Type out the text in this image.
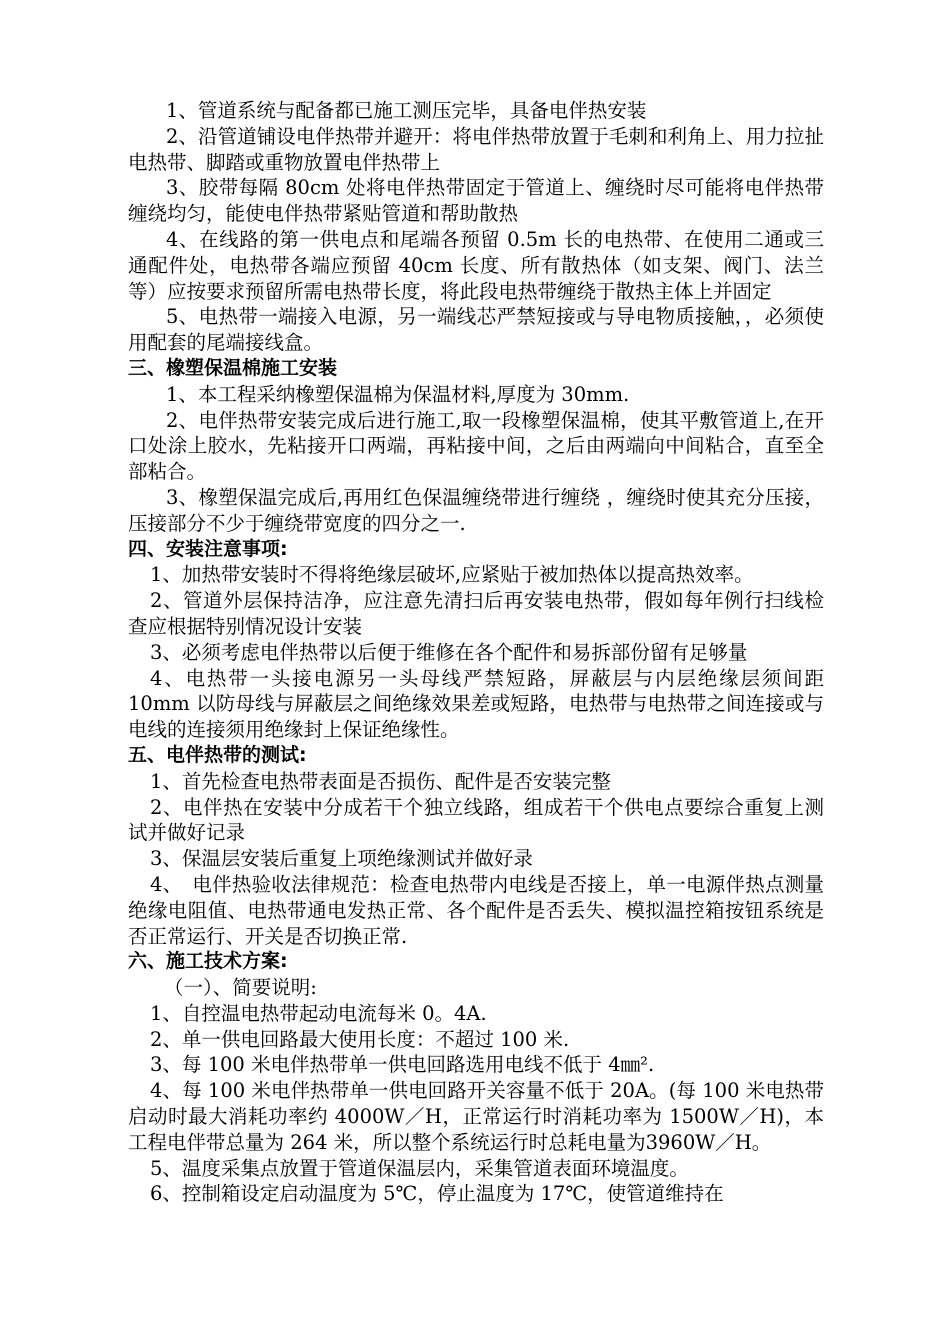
1、管道系统与配备都已施工测压完毕，具备电伴热安装

2、沿管道铺设电伴热带并避开：将电伴热带放置于毛刺和利角上、用力拉扯电热带、脚踏或重物放置电伴热带上

3、胶带每隔 80cm 处将电伴热带固定于管道上、缠绕时尽可能将电伴热带缠绕均匀，能使电伴热带紧贴管道和帮助散热

4、在线路的第一供电点和尾端各预留 0.5m 长的电热带、在使用二通或三通配件处，电热带各端应预留 40cm 长度、所有散热体（如支架、阀门、法兰等）应按要求预留所需电热带长度，将此段电热带缠绕于散热主体上并固定

5、电热带一端接入电源，另一端线芯严禁短接或与导电物质接触，，必须使用配套的尾端接线盒。

三、橡塑保温棉施工安装

1、本工程采纳橡塑保温棉为保温材料,厚度为 30mm.

2、电伴热带安装完成后进行施工,取一段橡塑保温棉，使其平敷管道上,在开口处涂上胶水，先粘接开口两端，再粘接中间，之后由两端向中间粘合，直至全部粘合。

3、橡塑保温完成后,再用红色保温缠绕带进行缠绕 ，缠绕时使其充分压接，压接部分不少于缠绕带宽度的四分之一.

四、安装注意事项:

1、加热带安装时不得将绝缘层破坏,应紧贴于被加热体以提高热效率。

2、管道外层保持洁净，应注意先清扫后再安装电热带，假如每年例行扫线检查应根据特别情况设计安装

3、必须考虑电伴热带以后便于维修在各个配件和易拆部份留有足够量

4、电热带一头接电源另一头母线严禁短路，屏蔽层与内层绝缘层须间距 10mm 以防母线与屏蔽层之间绝缘效果差或短路，电热带与电热带之间连接或与电线的连接须用绝缘封上保证绝缘性。

五、电伴热带的测试:

1、首先检查电热带表面是否损伤、配件是否安装完整

2、电伴热在安装中分成若干个独立线路，组成若干个供电点要综合重复上测试并做好记录

3、保温层安装后重复上项绝缘测试并做好录

4、　电伴热验收法律规范：检查电热带内电线是否接上，单一电源伴热点测量绝缘电阻值、电热带通电发热正常、各个配件是否丢失、模拟温控箱按钮系统是否正常运行、开关是否切换正常.

六、施工技术方案:

（一）、简要说明:

1、自控温电热带起动电流每米 0。4A.

2、单一供电回路最大使用长度：不超过 100 米.

3、每 100 米电伴热带单一供电回路选用电线不低于 4㎜².

4、每 100 米电伴热带单一供电回路开关容量不低于 20A。(每 100 米电热带启动时最大消耗功率约 4000W／H，正常运行时消耗功率为 1500W／H)，本工程电伴带总量为 264 米，所以整个系统运行时总耗电量为3960W／H。

5、温度采集点放置于管道保温层内，采集管道表面环境温度。

6、控制箱设定启动温度为 5℃，停止温度为 17℃，使管道维持在
